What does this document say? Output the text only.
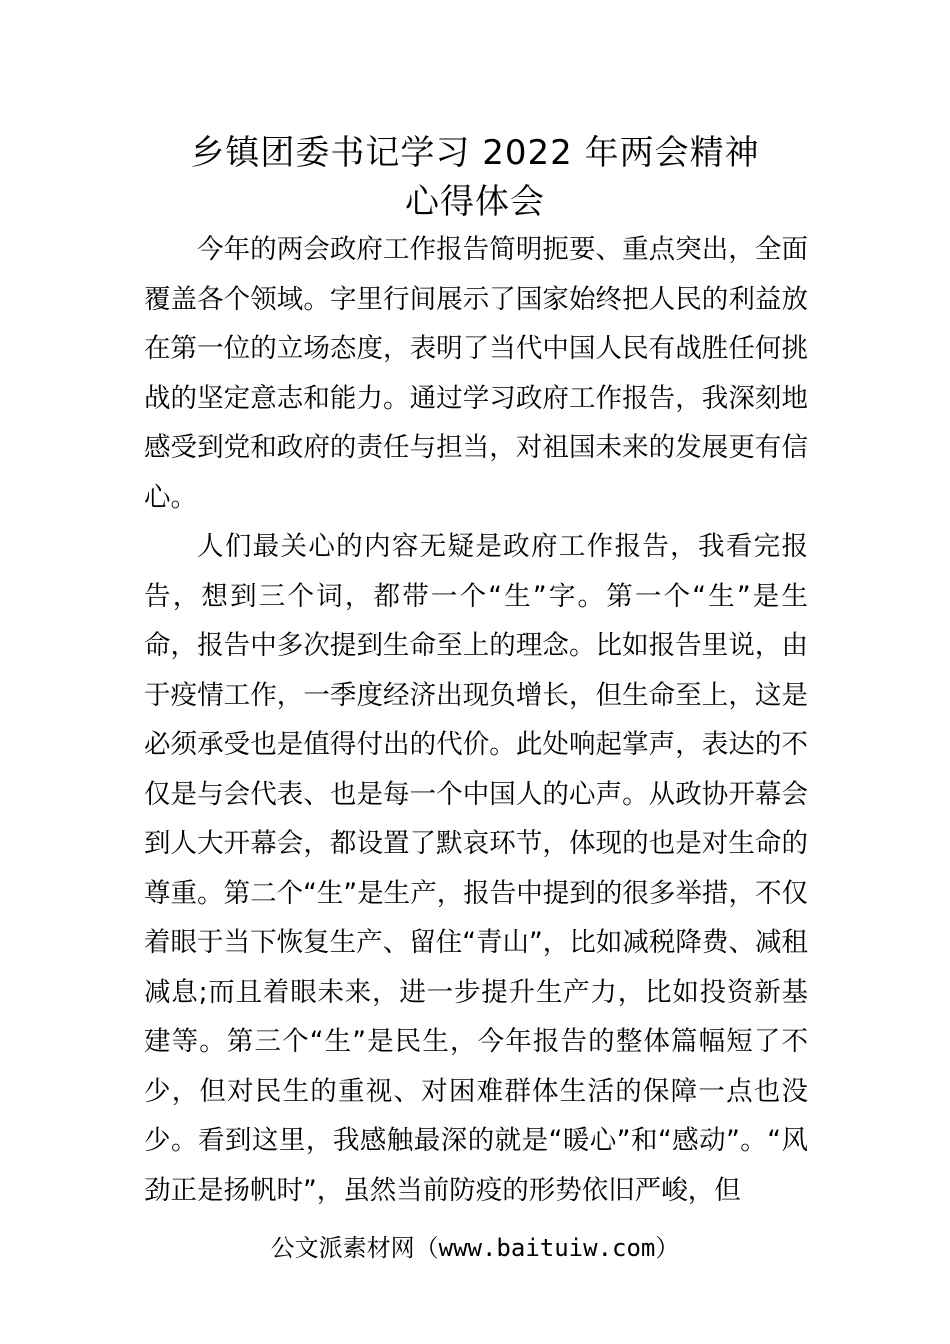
乡镇团委书记学习 2022 年两会精神
心得体会

今年的两会政府工作报告简明扼要、重点突出，全面覆盖各个领域。字里行间展示了国家始终把人民的利益放在第一位的立场态度，表明了当代中国人民有战胜任何挑战的坚定意志和能力。通过学习政府工作报告，我深刻地感受到党和政府的责任与担当，对祖国未来的发展更有信心。

人们最关心的内容无疑是政府工作报告，我看完报告，想到三个词，都带一个“生”字。第一个“生”是生命，报告中多次提到生命至上的理念。比如报告里说，由于疫情工作，一季度经济出现负增长，但生命至上，这是必须承受也是值得付出的代价。此处响起掌声，表达的不仅是与会代表、也是每一个中国人的心声。从政协开幕会到人大开幕会，都设置了默哀环节，体现的也是对生命的尊重。第二个“生”是生产，报告中提到的很多举措，不仅着眼于当下恢复生产、留住“青山”，比如减税降费、减租减息;而且着眼未来，进一步提升生产力，比如投资新基建等。第三个“生”是民生，今年报告的整体篇幅短了不少，但对民生的重视、对困难群体生活的保障一点也没少。看到这里，我感触最深的就是“暖心”和“感动”。“风劲正是扬帆时”，虽然当前防疫的形势依旧严峻，但

公文派素材网（www.baituiw.com）
